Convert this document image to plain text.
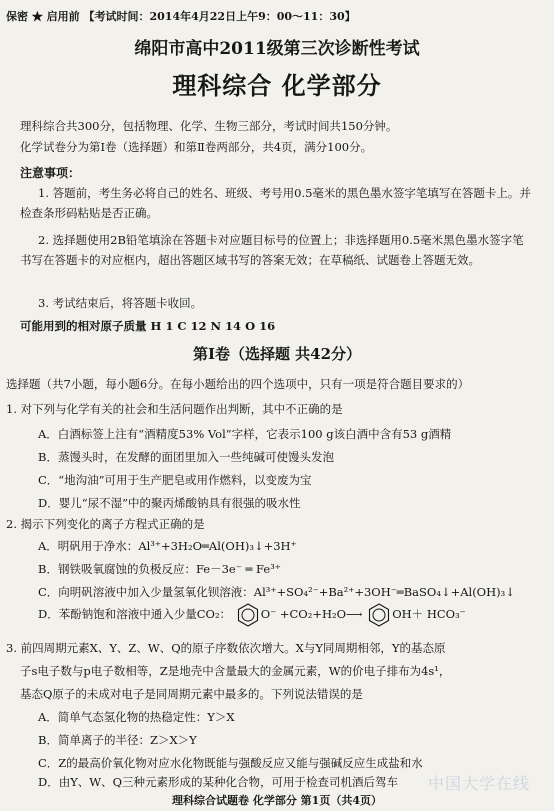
保密 ★ 启用前 【考试时间：2014年4月22日上午9：00～11：30】
绵阳市高中2011级第三次诊断性考试
理科综合 化学部分
理科综合共300分，包括物理、化学、生物三部分，考试时间共150分钟。
化学试卷分为第Ⅰ卷（选择题）和第Ⅱ卷两部分，共4页，满分100分。
注意事项：
1. 答题前，考生务必将自己的姓名、班级、考号用0.5毫米的黑色墨水签字笔填写在答题卡上。并检查条形码粘贴是否正确。
2. 选择题使用2B铅笔填涂在答题卡对应题目标号的位置上；非选择题用0.5毫米黑色墨水签字笔书写在答题卡的对应框内，超出答题区域书写的答案无效；在草稿纸、试题卷上答题无效。
3. 考试结束后，将答题卡收回。
可能用到的相对原子质量 H 1 C 12 N 14 O 16
第Ⅰ卷（选择题 共42分）
选择题（共7小题，每小题6分。在每小题给出的四个选项中，只有一项是符合题目要求的）
1. 对下列与化学有关的社会和生活问题作出判断，其中不正确的是
A．白酒标签上注有“酒精度53% Vol”字样，它表示100 g该白酒中含有53 g酒精
B．蒸馒头时，在发酵的面团里加入一些纯碱可使馒头发泡
C．“地沟油”可用于生产肥皂或用作燃料，以变废为宝
D．婴儿“尿不湿”中的聚丙烯酸钠具有很强的吸水性
2. 揭示下列变化的离子方程式正确的是
A．明矾用于净水：Al³⁺+3H₂O═Al(OH)₃↓+3H⁺
B．钢铁吸氧腐蚀的负极反应：Fe－3e⁻ ═ Fe³⁺
C．向明矾溶液中加入少量氢氧化钡溶液：Al³⁺+SO₄²⁻+Ba²⁺+3OH⁻═BaSO₄↓+Al(OH)₃↓
D．苯酚钠饱和溶液中通入少量CO₂：	O⁻ +CO₂+H₂O⟶	OH＋ HCO₃⁻
3. 前四周期元素X、Y、Z、W、Q的原子序数依次增大。X与Y同周期相邻，Y的基态原
子s电子数与p电子数相等，Z是地壳中含量最大的金属元素，W的价电子排布为4s¹，
基态Q原子的未成对电子是同周期元素中最多的。下列说法错误的是
A．简单气态氢化物的热稳定性：Y＞X
B．简单离子的半径：Z＞X＞Y
C．Z的最高价氧化物对应水化物既能与强酸反应又能与强碱反应生成盐和水
D．由Y、W、Q三种元素形成的某种化合物，可用于检查司机酒后驾车 中国大学在线
理科综合试题卷 化学部分 第1页（共4页）
